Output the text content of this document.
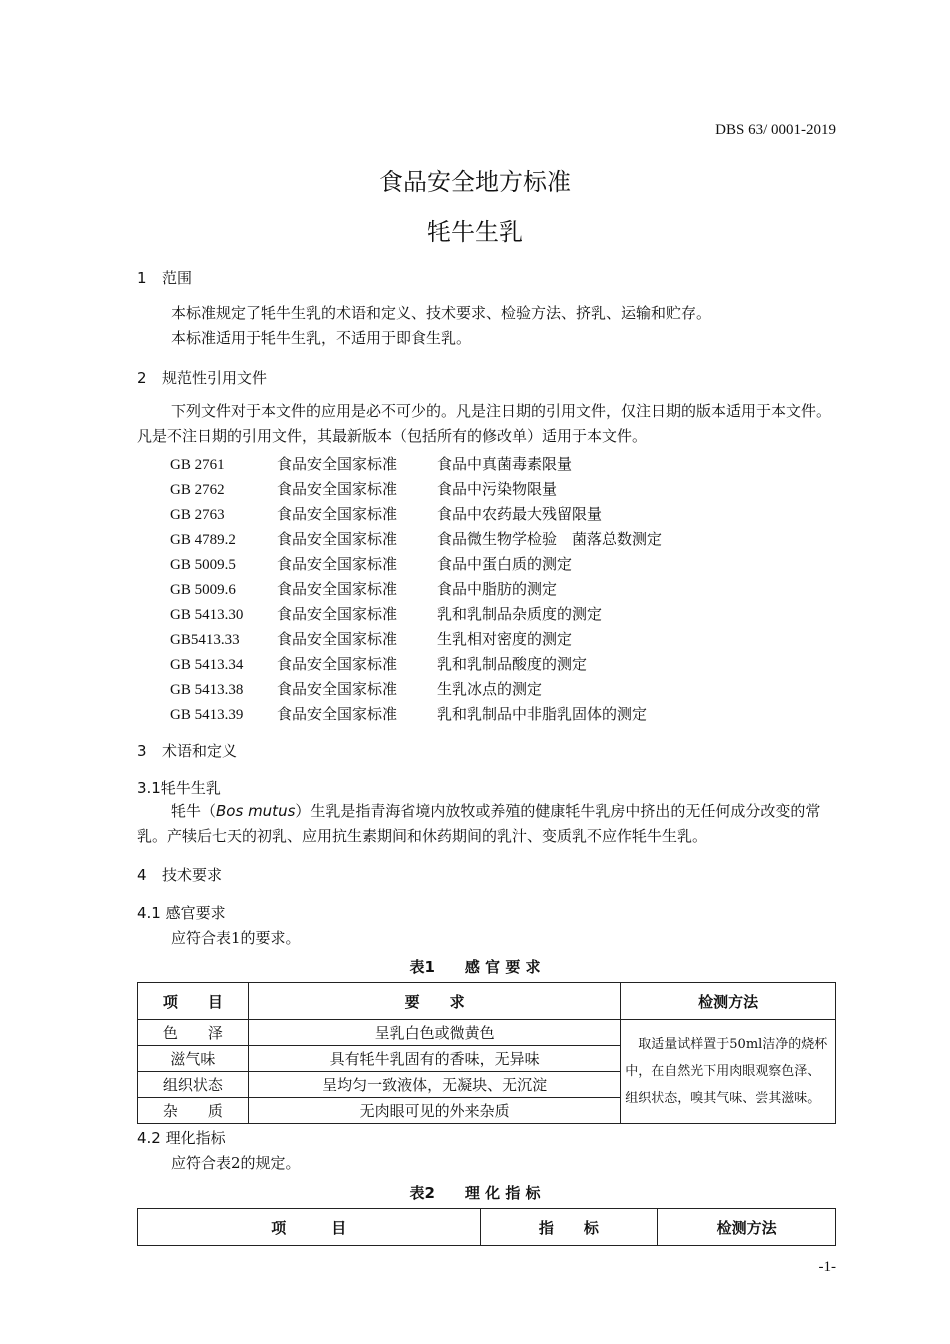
DBS 63/ 0001-2019
食品安全地方标准
牦牛生乳
1 范围
本标准规定了牦牛生乳的术语和定义、技术要求、检验方法、挤乳、运输和贮存。
本标准适用于牦牛生乳，不适用于即食生乳。
2 规范性引用文件

下列文件对于本文件的应用是必不可少的。凡是注日期的引用文件，仅注日期的版本适用于本文件。凡是不注日期的引用文件，其最新版本（包括所有的修改单）适用于本文件。

GB 2761	食品安全国家标准	食品中真菌毒素限量
GB 2762	食品安全国家标准	食品中污染物限量
GB 2763	食品安全国家标准	食品中农药最大残留限量
GB 4789.2	食品安全国家标准	食品微生物学检验　菌落总数测定
GB 5009.5	食品安全国家标准	食品中蛋白质的测定
GB 5009.6	食品安全国家标准	食品中脂肪的测定
GB 5413.30 食品安全国家标准	乳和乳制品杂质度的测定
GB5413.33 食品安全国家标准	生乳相对密度的测定
GB 5413.34 食品安全国家标准	乳和乳制品酸度的测定
GB 5413.38 食品安全国家标准	生乳冰点的测定
GB 5413.39 食品安全国家标准	乳和乳制品中非脂乳固体的测定
3 术语和定义
3.1牦牛生乳

牦牛（Bos mutus）生乳是指青海省境内放牧或养殖的健康牦牛乳房中挤出的无任何成分改变的常乳。产犊后七天的初乳、应用抗生素期间和休药期间的乳汁、变质乳不应作牦牛生乳。

4 技术要求
4.1 感官要求
应符合表1的要求。
表1　　感 官 要 求
项　　目	要　　求	检测方法
色　　泽	呈乳白色或微黄色	　取适量试样置于50ml洁净的烧杯中，在自然光下用肉眼观察色泽、组织状态，嗅其气味、尝其滋味。
滋气味	具有牦牛乳固有的香味，无异味	
组织状态	呈均匀一致液体，无凝块、无沉淀	
杂　　质	无肉眼可见的外来杂质	
4.2 理化指标
应符合表2的规定。
表2　　理 化 指 标
项　　　目	指　　标	检测方法
-1-
